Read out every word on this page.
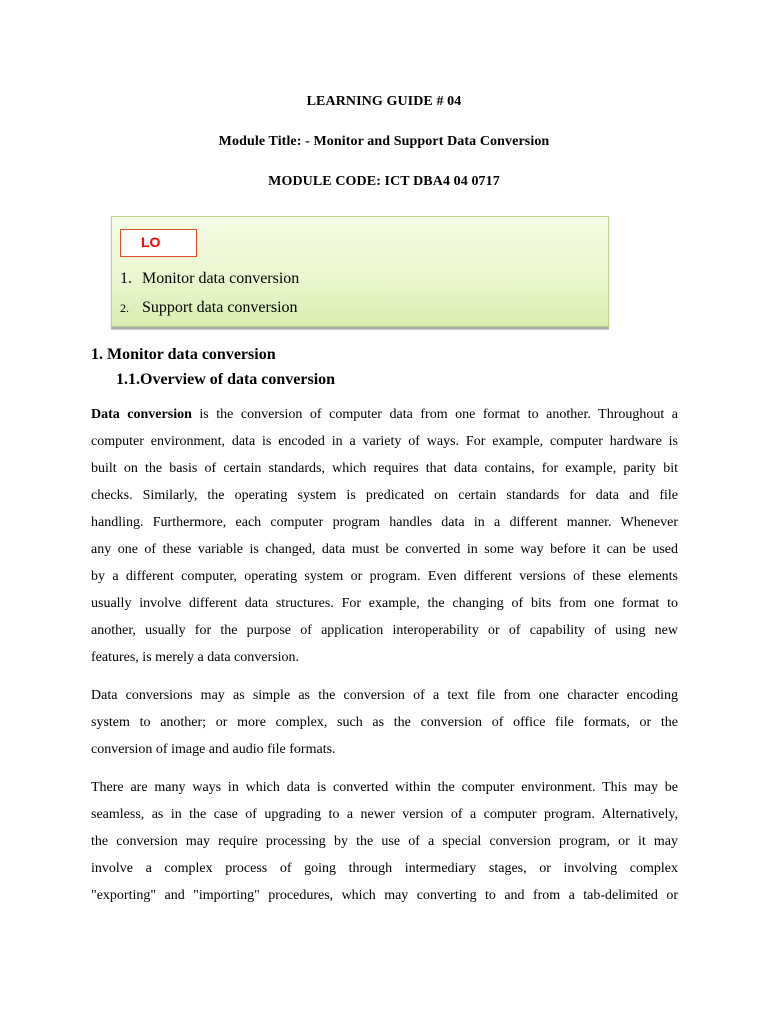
LEARNING GUIDE # 04
Module Title: - Monitor and Support Data Conversion
MODULE CODE: ICT DBA4 04 0717
LO
1. Monitor data conversion
2. Support data conversion
1. Monitor data conversion
1.1.Overview of data conversion
Data conversion is the conversion of computer data from one format to another. Throughout a
computer environment, data is encoded in a variety of ways. For example, computer hardware is
built on the basis of certain standards, which requires that data contains, for example, parity bit
checks. Similarly, the operating system is predicated on certain standards for data and file
handling. Furthermore, each computer program handles data in a different manner. Whenever
any one of these variable is changed, data must be converted in some way before it can be used
by a different computer, operating system or program. Even different versions of these elements
usually involve different data structures. For example, the changing of bits from one format to
another, usually for the purpose of application interoperability or of capability of using new
features, is merely a data conversion.
Data conversions may as simple as the conversion of a text file from one character encoding
system to another; or more complex, such as the conversion of office file formats, or the
conversion of image and audio file formats.
There are many ways in which data is converted within the computer environment. This may be
seamless, as in the case of upgrading to a newer version of a computer program. Alternatively,
the conversion may require processing by the use of a special conversion program, or it may
involve a complex process of going through intermediary stages, or involving complex
"exporting" and "importing" procedures, which may converting to and from a tab-delimited or
